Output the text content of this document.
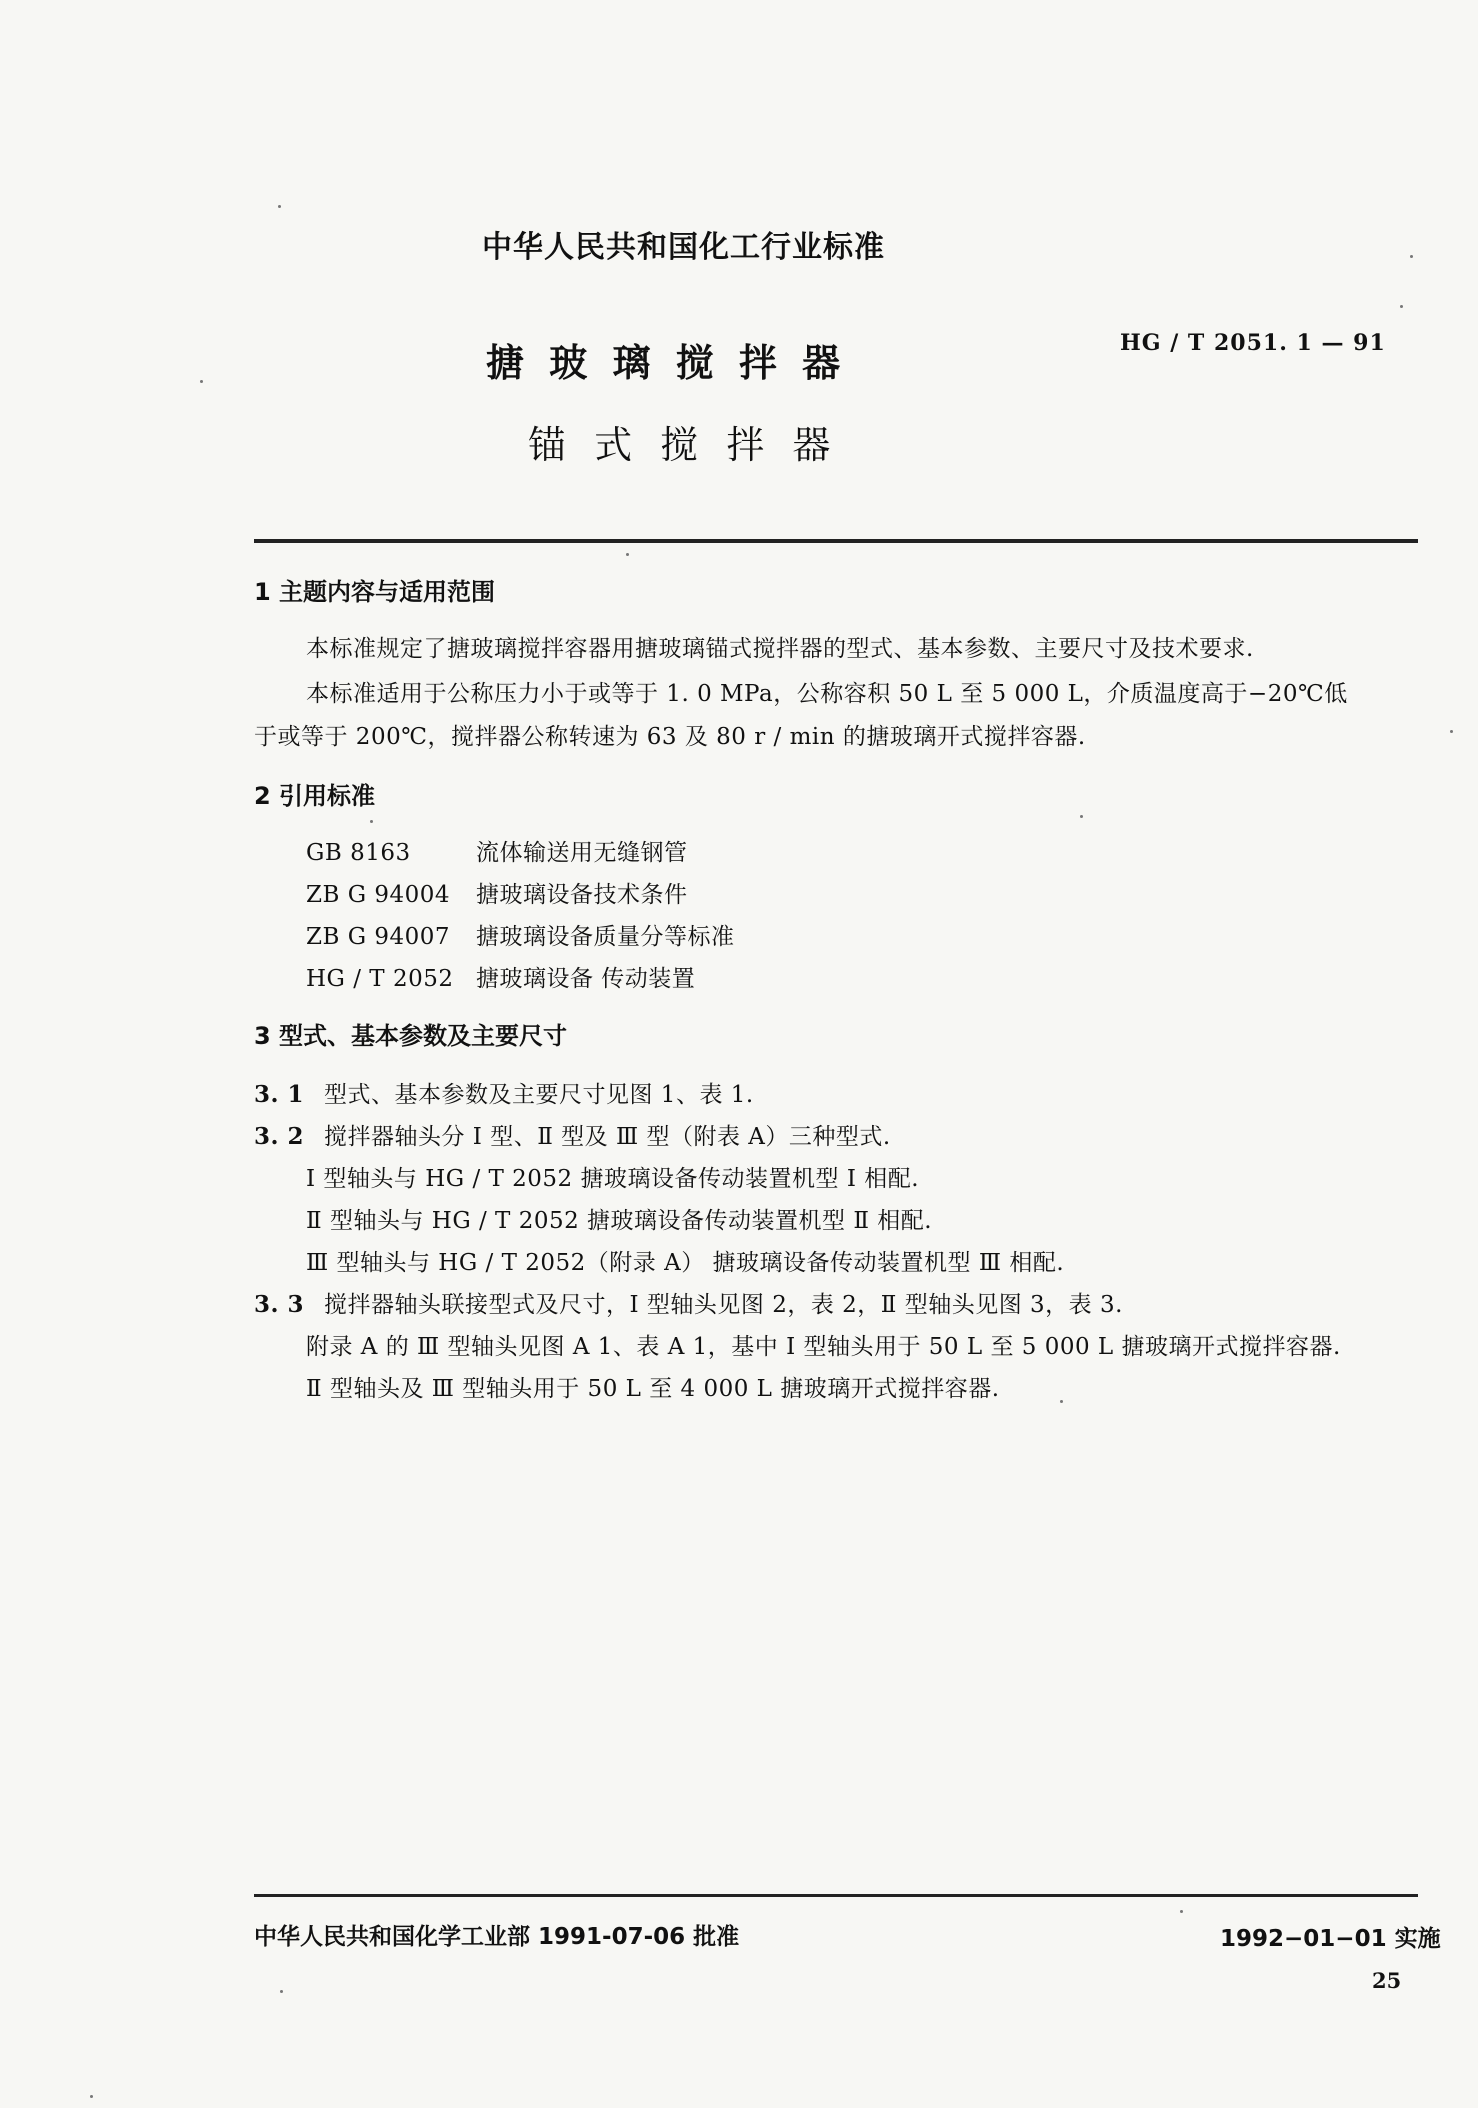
中华人民共和国化工行业标准
搪 玻 璃 搅 拌 器	HG / T 2051. 1 — 91
锚 式 搅 拌 器
1 主题内容与适用范围
本标准规定了搪玻璃搅拌容器用搪玻璃锚式搅拌器的型式、基本参数、主要尺寸及技术要求.
本标准适用于公称压力小于或等于 1. 0 MPa，公称容积 50 L 至 5 000 L，介质温度高于−20℃低
于或等于 200℃，搅拌器公称转速为 63 及 80 r / min 的搪玻璃开式搅拌容器.
2 引用标准
GB 8163	流体输送用无缝钢管
ZB G 94004 搪玻璃设备技术条件
ZB G 94007 搪玻璃设备质量分等标准
HG / T 2052 搪玻璃设备 传动装置
3 型式、基本参数及主要尺寸
3. 1 型式、基本参数及主要尺寸见图 1、表 1.
3. 2 搅拌器轴头分 Ⅰ 型、Ⅱ 型及 Ⅲ 型（附表 A）三种型式.
Ⅰ 型轴头与 HG / T 2052 搪玻璃设备传动装置机型 Ⅰ 相配.
Ⅱ 型轴头与 HG / T 2052 搪玻璃设备传动装置机型 Ⅱ 相配.
Ⅲ 型轴头与 HG / T 2052（附录 A） 搪玻璃设备传动装置机型 Ⅲ 相配.
3. 3 搅拌器轴头联接型式及尺寸，Ⅰ 型轴头见图 2，表 2，Ⅱ 型轴头见图 3，表 3.
附录 A 的 Ⅲ 型轴头见图 A 1、表 A 1，基中 Ⅰ 型轴头用于 50 L 至 5 000 L 搪玻璃开式搅拌容器.
Ⅱ 型轴头及 Ⅲ 型轴头用于 50 L 至 4 000 L 搪玻璃开式搅拌容器.
中华人民共和国化学工业部 1991-07-06 批准	1992−01−01 实施
25
